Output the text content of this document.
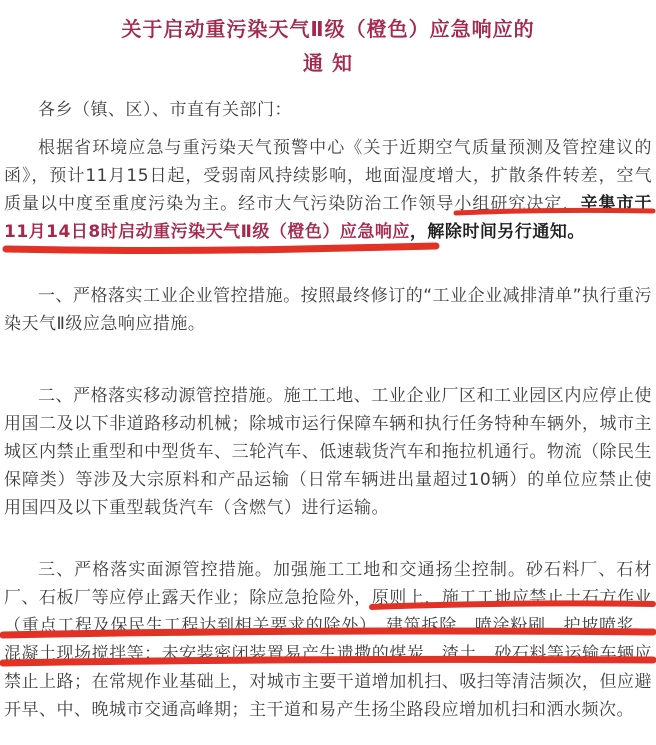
关于启动重污染天气Ⅱ级（橙色）应急响应的
通 知

各乡（镇、区）、市直有关部门：

根据省环境应急与重污染天气预警中心《关于近期空气质量预测及管控建议的函》，预计11月15日起，受弱南风持续影响，地面湿度增大，扩散条件转差，空气质量以中度至重度污染为主。经市大气污染防治工作领导小组研究决定，辛集市于11月14日8时启动重污染天气Ⅱ级（橙色）应急响应，解除时间另行通知。

一、严格落实工业企业管控措施。按照最终修订的“工业企业减排清单”执行重污染天气Ⅱ级应急响应措施。

二、严格落实移动源管控措施。施工工地、工业企业厂区和工业园区内应停止使用国二及以下非道路移动机械；除城市运行保障车辆和执行任务特种车辆外，城市主城区内禁止重型和中型货车、三轮汽车、低速载货汽车和拖拉机通行。物流（除民生保障类）等涉及大宗原料和产品运输（日常车辆进出量超过10辆）的单位应禁止使用国四及以下重型载货汽车（含燃气）进行运输。

三、严格落实面源管控措施。加强施工工地和交通扬尘控制。砂石料厂、石材厂、石板厂等应停止露天作业；除应急抢险外，原则上，施工工地应禁止土石方作业（重点工程及保民生工程达到相关要求的除外）、建筑拆除、喷涂粉刷、护坡喷浆、混凝土现场搅拌等；未安装密闭装置易产生遗撒的煤炭、渣土、砂石料等运输车辆应禁止上路；在常规作业基础上，对城市主要干道增加机扫、吸扫等清洁频次，但应避开早、中、晚城市交通高峰期；主干道和易产生扬尘路段应增加机扫和洒水频次。
